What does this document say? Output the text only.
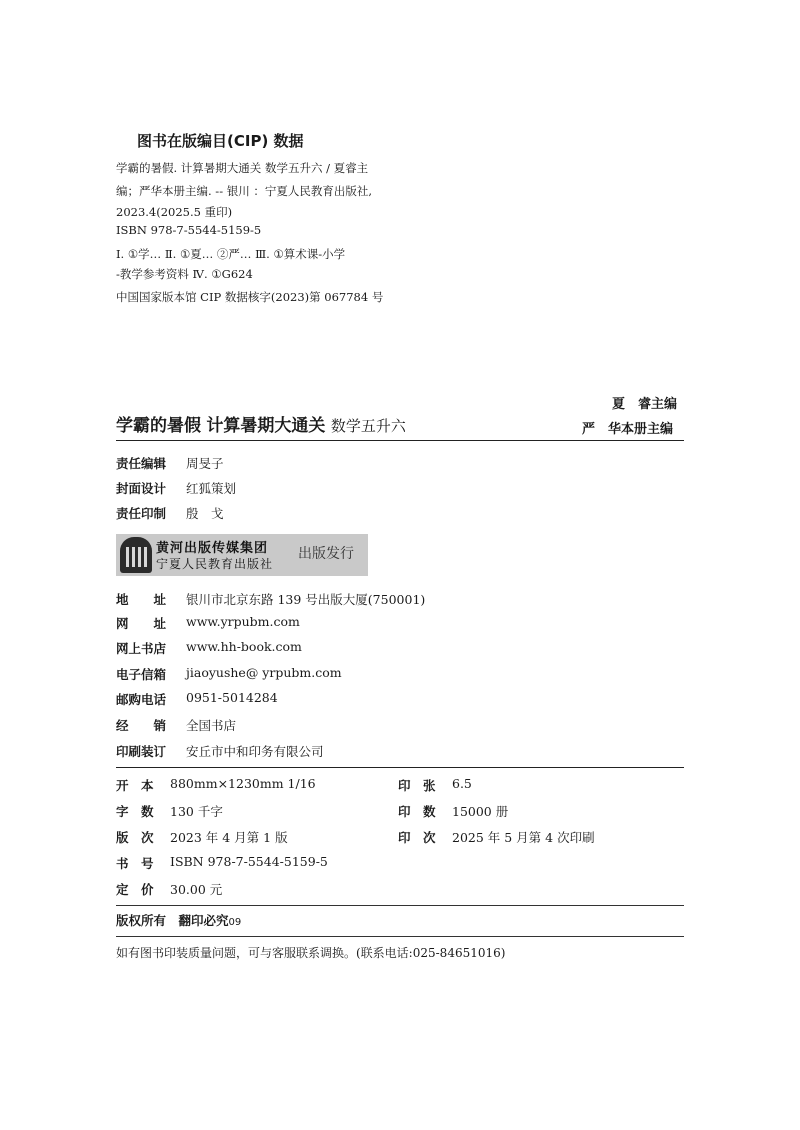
图书在版编目(CIP) 数据
学霸的暑假. 计算暑期大通关 数学五升六 / 夏睿主
编；严华本册主编. -- 银川 ：宁夏人民教育出版社,
2023.4(2025.5 重印)
ISBN 978-7-5544-5159-5
Ⅰ. ①学… Ⅱ. ①夏… ②严… Ⅲ. ①算术课-小学
-教学参考资料 Ⅳ. ①G624
中国国家版本馆 CIP 数据核字(2023)第 067784 号
夏　睿主编
严　华本册主编
学霸的暑假 计算暑期大通关 数学五升六
责任编辑 周旻子
封面设计 红狐策划
责任印制 殷　戈
黄河出版传媒集团
宁夏人民教育出版社
出版发行
地　　址 银川市北京东路 139 号出版大厦(750001)
网　　址 www.yrpubm.com
网上书店 www.hh-book.com
电子信箱 jiaoyushe@ yrpubm.com
邮购电话 0951-5014284
经　　销 全国书店
印刷装订 安丘市中和印务有限公司
开　本 880mm×1230mm 1/16
字　数 130 千字
版　次 2023 年 4 月第 1 版
书　号 ISBN 978-7-5544-5159-5
定　价 30.00 元
印　张 6.5
印　数 15000 册
印　次 2025 年 5 月第 4 次印刷
版权所有　翻印必究09
如有图书印装质量问题，可与客服联系调换。(联系电话:025-84651016)
